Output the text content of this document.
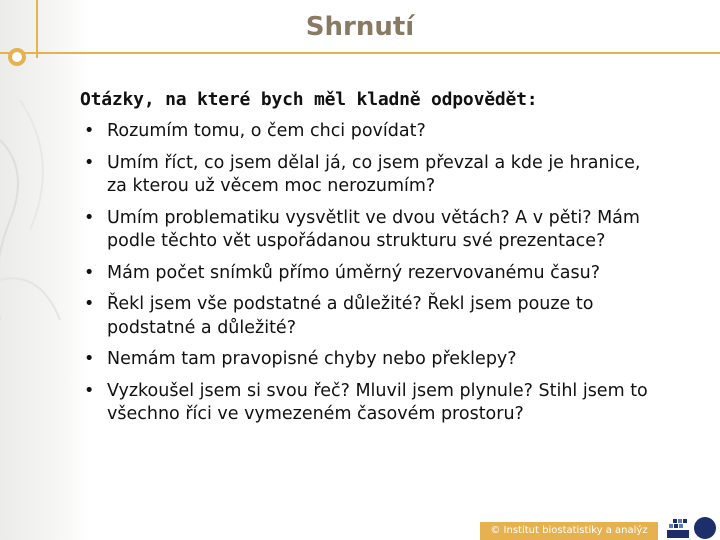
Shrnutí
Otázky, na které bych měl kladně odpovědět:
• Rozumím tomu, o čem chci povídat?
• Umím říct, co jsem dělal já, co jsem převzal a kde je hranice, za kterou už věcem moc nerozumím?
• Umím problematiku vysvětlit ve dvou větách? A v pěti? Mám podle těchto vět uspořádanou strukturu své prezentace?
• Mám počet snímků přímo úměrný rezervovanému času?
• Řekl jsem vše podstatné a důležité? Řekl jsem pouze to podstatné a důležité?
• Nemám tam pravopisné chyby nebo překlepy?
• Vyzkoušel jsem si svou řeč? Mluvil jsem plynule? Stihl jsem to všechno říci ve vymezeném časovém prostoru?
© Institut biostatistiky a analýz
